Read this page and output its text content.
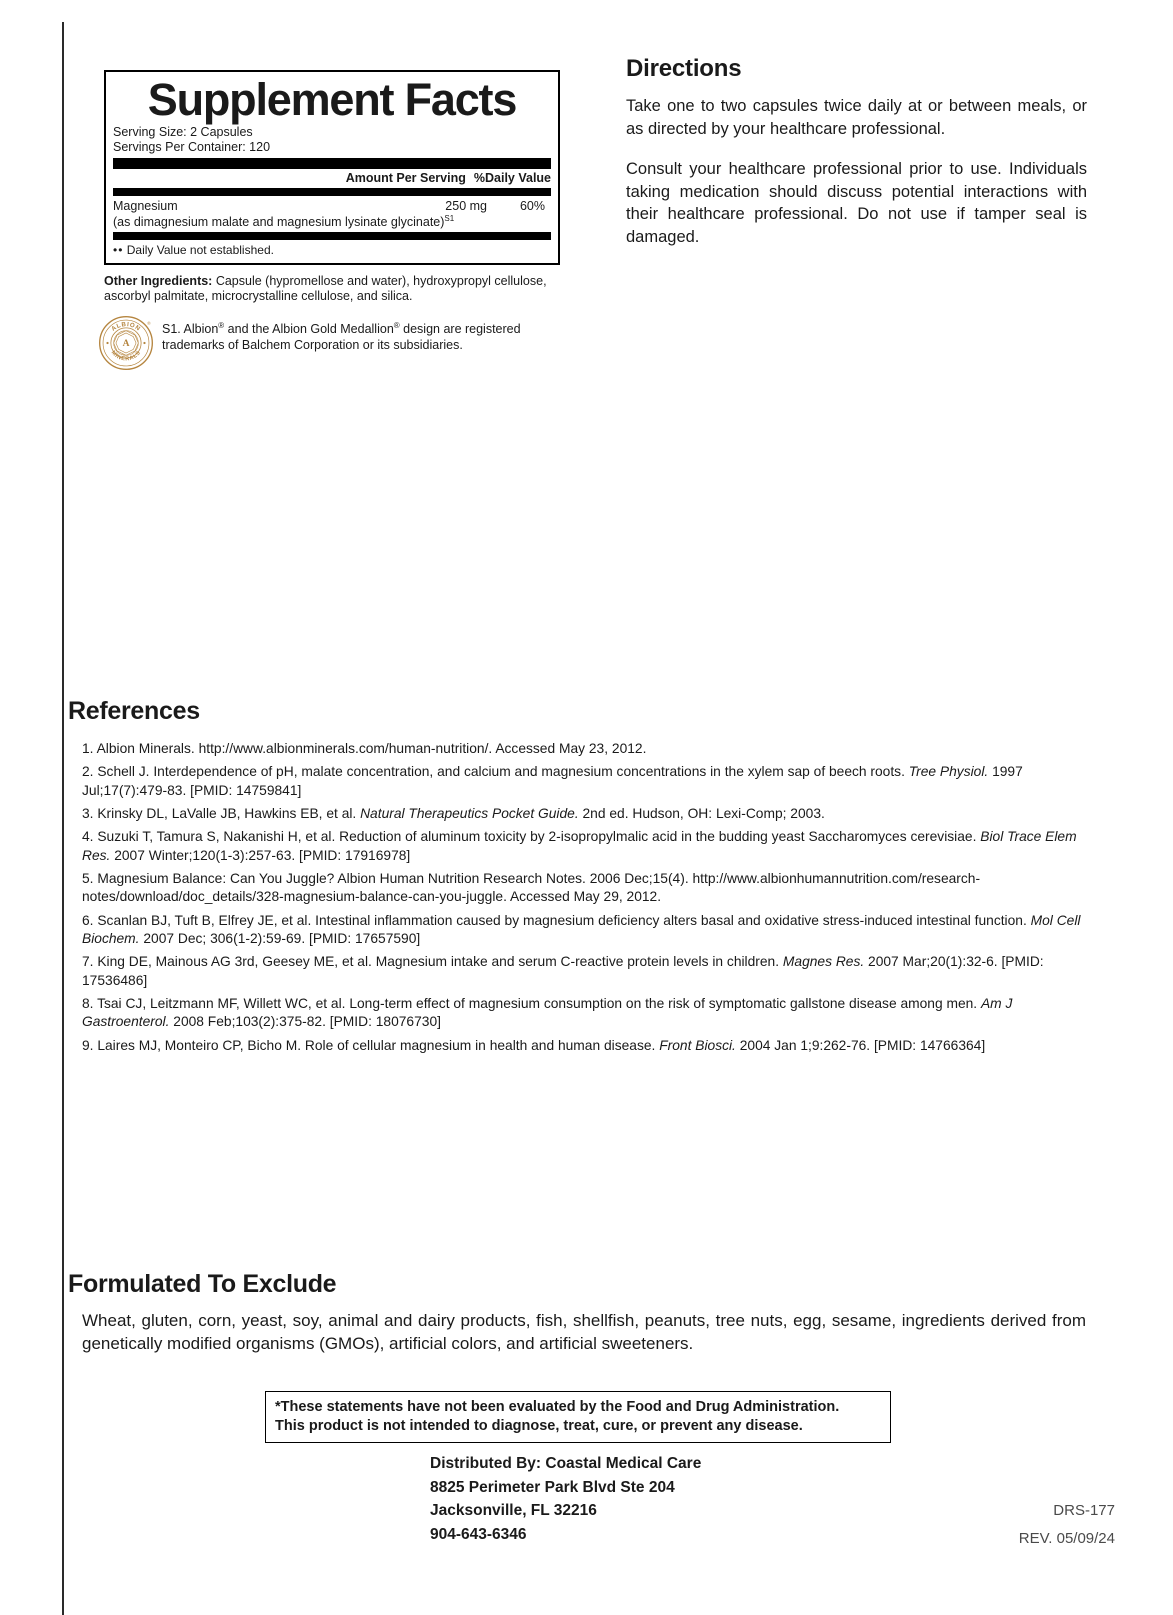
Supplement Facts
Serving Size: 2 Capsules
Servings Per Container: 120
Amount Per Serving %Daily Value
Magnesium	250 mg	60%
(as dimagnesium malate and magnesium lysinate glycinate)$^{S1}$
•• Daily Value not established.
Other Ingredients: Capsule (hypromellose and water), hydroxypropyl cellulose, ascorbyl palmitate, microcrystalline cellulose, and silica.
A
ALBION
MINERALS
® S1. Albion® and the Albion Gold Medallion® design are registered trademarks of Balchem Corporation or its subsidiaries.
Directions

Take one to two capsules twice daily at or between meals, or as directed by your healthcare professional.

Consult your healthcare professional prior to use. Individuals taking medication should discuss potential interactions with their healthcare professional. Do not use if tamper seal is damaged.

References
1. Albion Minerals. http://www.albionminerals.com/human-nutrition/. Accessed May 23, 2012.
2. Schell J. Interdependence of pH, malate concentration, and calcium and magnesium concentrations in the xylem sap of beech roots. Tree Physiol. 1997 Jul;17(7):479-83. [PMID: 14759841]
3. Krinsky DL, LaValle JB, Hawkins EB, et al. Natural Therapeutics Pocket Guide. 2nd ed. Hudson, OH: Lexi-Comp; 2003.
4. Suzuki T, Tamura S, Nakanishi H, et al. Reduction of aluminum toxicity by 2-isopropylmalic acid in the budding yeast Saccharomyces cerevisiae. Biol Trace Elem Res. 2007 Winter;120(1-3):257-63. [PMID: 17916978]
5. Magnesium Balance: Can You Juggle? Albion Human Nutrition Research Notes. 2006 Dec;15(4). http://www.albionhumannutrition.com/research-notes/download/doc_details/328-magnesium-balance-can-you-juggle. Accessed May 29, 2012.
6. Scanlan BJ, Tuft B, Elfrey JE, et al. Intestinal inflammation caused by magnesium deficiency alters basal and oxidative stress-induced intestinal function. Mol Cell Biochem. 2007 Dec; 306(1-2):59-69. [PMID: 17657590]
7. King DE, Mainous AG 3rd, Geesey ME, et al. Magnesium intake and serum C-reactive protein levels in children. Magnes Res. 2007 Mar;20(1):32-6. [PMID: 17536486]
8. Tsai CJ, Leitzmann MF, Willett WC, et al. Long-term effect of magnesium consumption on the risk of symptomatic gallstone disease among men. Am J Gastroenterol. 2008 Feb;103(2):375-82. [PMID: 18076730]
9. Laires MJ, Monteiro CP, Bicho M. Role of cellular magnesium in health and human disease. Front Biosci. 2004 Jan 1;9:262-76. [PMID: 14766364]
Formulated To Exclude

Wheat, gluten, corn, yeast, soy, animal and dairy products, fish, shellfish, peanuts, tree nuts, egg, sesame, ingredients derived from genetically modified organisms (GMOs), artificial colors, and artificial sweeteners.

*These statements have not been evaluated by the Food and Drug Administration.
This product is not intended to diagnose, treat, cure, or prevent any disease.
Distributed By: Coastal Medical Care
8825 Perimeter Park Blvd Ste 204
Jacksonville, FL 32216
904-643-6346
DRS-177
REV. 05/09/24
